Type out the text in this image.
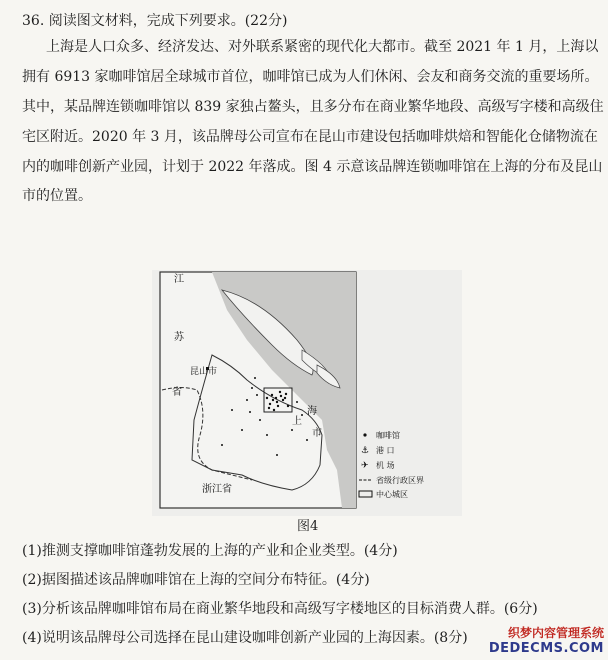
36. 阅读图文材料，完成下列要求。(22分)
上海是人口众多、经济发达、对外联系紧密的现代化大都市。截至 2021 年 1 月，上海以
拥有 6913 家咖啡馆居全球城市首位，咖啡馆已成为人们休闲、会友和商务交流的重要场所。
其中，某品牌连锁咖啡馆以 839 家独占鳌头，且多分布在商业繁华地段、高级写字楼和高级住
宅区附近。2020 年 3 月，该品牌母公司宣布在昆山市建设包括咖啡烘焙和智能化仓储物流在
内的咖啡创新产业园，计划于 2022 年落成。图 4 示意该品牌连锁咖啡馆在上海的分布及昆山
市的位置。
昆山市
江
苏
省
浙江省
上
海
市	咖啡馆
⚓ 港 口
✈ 机 场
省级行政区界
中心城区
图4
(1)推测支撑咖啡馆蓬勃发展的上海的产业和企业类型。(4分)
(2)据图描述该品牌咖啡馆在上海的空间分布特征。(4分)
(3)分析该品牌咖啡馆布局在商业繁华地段和高级写字楼地区的目标消费人群。(6分)
(4)说明该品牌母公司选择在昆山建设咖啡创新产业园的上海因素。(8分)	织梦内容管理系统
DEDECMS.COM
